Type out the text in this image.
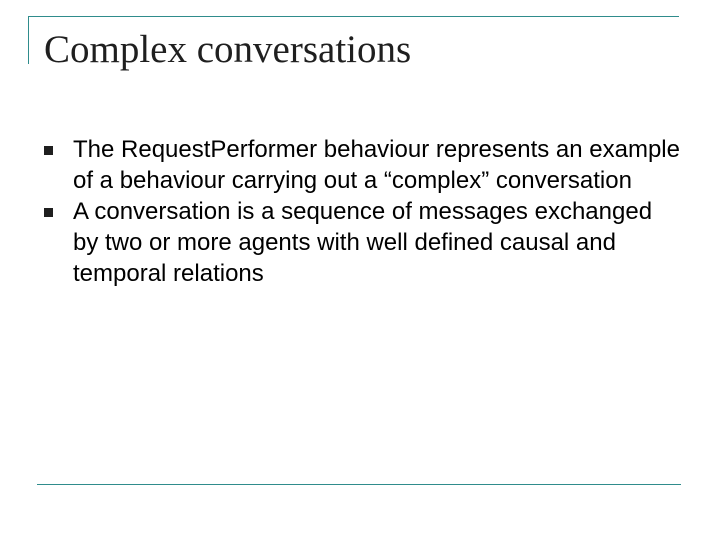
Complex conversations
The RequestPerformer behaviour represents an example of a behaviour carrying out a “complex” conversation
A conversation is a sequence of messages exchanged by two or more agents with well defined causal and temporal relations
